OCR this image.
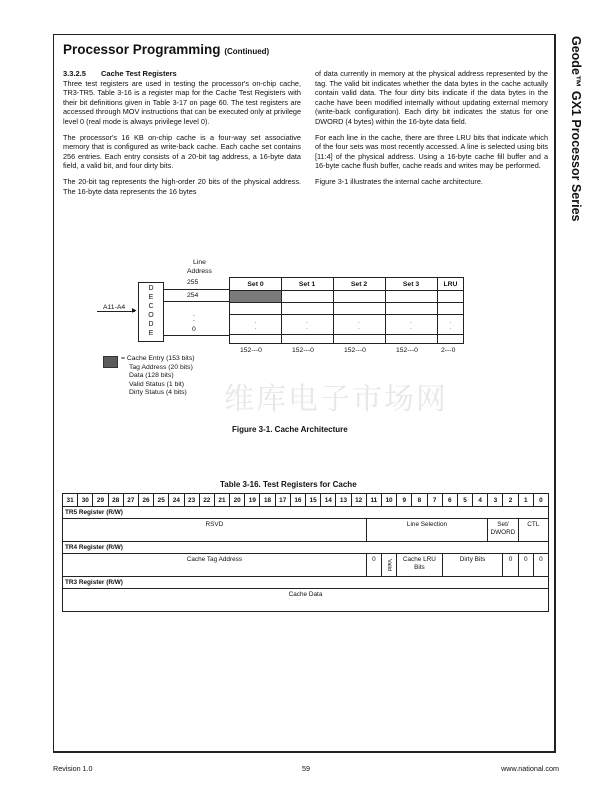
Geode™ GX1 Processor Series
Processor Programming (Continued)
3.3.2.5 Cache Test Registers

Three test registers are used in testing the processor's on-chip cache, TR3-TR5. Table 3-16 is a register map for the Cache Test Registers with their bit definitions given in Table 3-17 on page 60. The test registers are accessed through MOV instructions that can be executed only at privilege level 0 (real mode is always privilege level 0).

The processor's 16 KB on-chip cache is a four-way set associative memory that is configured as write-back cache. Each cache set contains 256 entries. Each entry consists of a 20-bit tag address, a 16-byte data field, a valid bit, and four dirty bits.

The 20-bit tag represents the high-order 20 bits of the physical address. The 16-byte data represents the 16 bytes

of data currently in memory at the physical address represented by the tag. The valid bit indicates whether the data bytes in the cache actually contain valid data. The four dirty bits indicate if the data bytes in the cache have been modified internally without updating external memory (write-back configuration). Each dirty bit indicates the status for one DWORD (4 bytes) within the 16-byte data field.

For each line in the cache, there are three LRU bits that indicate which of the four sets was most recently accessed. A line is selected using bits [11:4] of the physical address. Using a 16-byte cache fill buffer and a 16-byte cache flush buffer, cache reads and writes may be performed.

Figure 3-1 illustrates the internal cache architecture.

Line
Address
D
E
C
O
D
E
A11-A4 ▶
255
254
.
.
0
Set 0	Set 1	Set 2	Set 3	LRU
.
.
.
.
.
.
.
.
.
.
152---0	152---0	152---0	152---0	2---0
= Cache Entry (153 bits)
Tag Address (20 bits)
Data (128 bits)
Valid Status (1 bit)
Dirty Status (4 bits)
Figure 3-1. Cache Architecture
维库电子市场网
Table 3-16. Test Registers for Cache
31	30	29	28	27	26	25	24	23	22	21	20	19	18	17	16	15	14	13	12	11	10	9	8	7	6	5	4	3	2	1	0
TR5 Register (R/W)																															
RSVD																				Line Selection								Set/ DWORD		CTL	
TR4 Register (R/W)																															
Cache Tag Address																				0	Valid	Cache LRU Bits			Dirty Bits				0	0	0
TR3 Register (R/W)																															
Cache Data																															
Revision 1.0	59	www.national.com
